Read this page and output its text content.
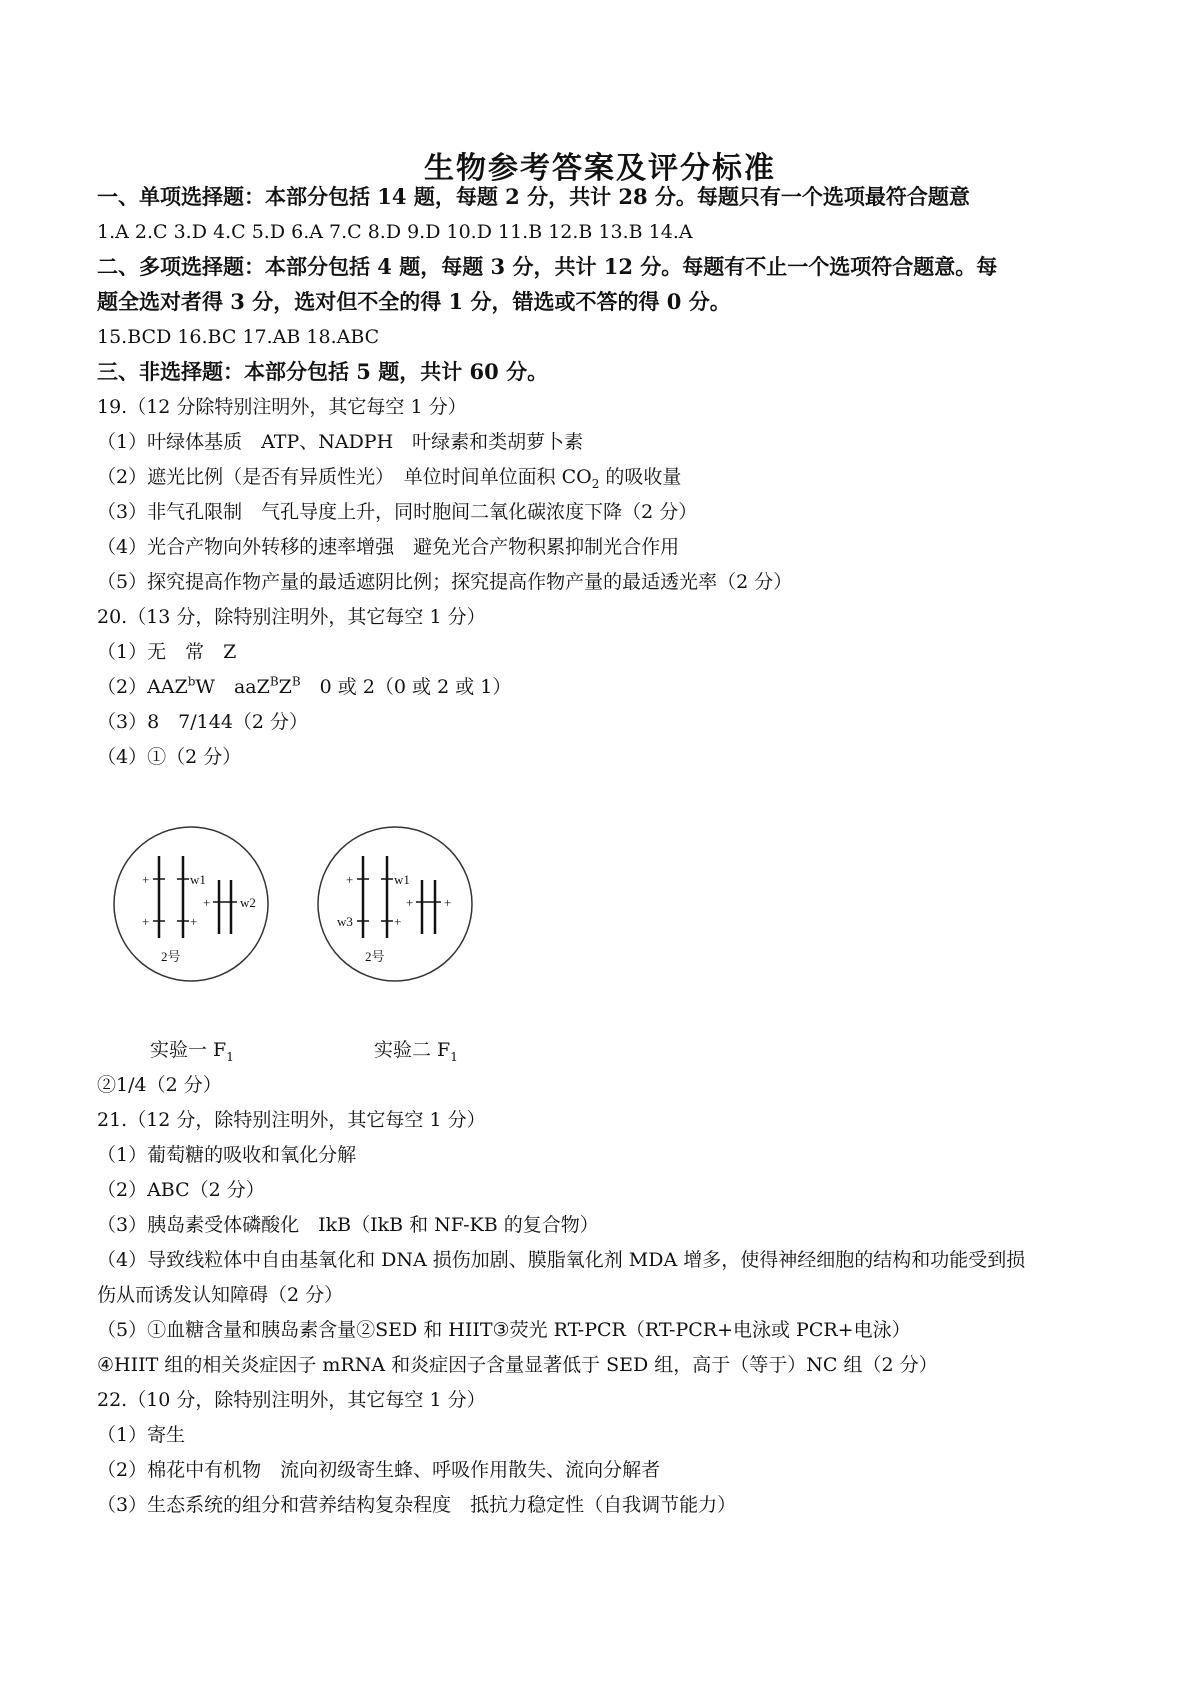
生物参考答案及评分标准
一、单项选择题：本部分包括 14 题，每题 2 分，共计 28 分。每题只有一个选项最符合题意
1.A 2.C 3.D 4.C 5.D 6.A 7.C 8.D 9.D 10.D 11.B 12.B 13.B 14.A
二、多项选择题：本部分包括 4 题，每题 3 分，共计 12 分。每题有不止一个选项符合题意。每
题全选对者得 3 分，选对但不全的得 1 分，错选或不答的得 0 分。
15.BCD 16.BC 17.AB 18.ABC
三、非选择题：本部分包括 5 题，共计 60 分。
19.（12 分除特别注明外，其它每空 1 分）
（1）叶绿体基质　ATP、NADPH　叶绿素和类胡萝卜素
（2）遮光比例（是否有异质性光）　单位时间单位面积 $CO_2$ 的吸收量
（3）非气孔限制　气孔导度上升，同时胞间二氧化碳浓度下降（2 分）
（4）光合产物向外转移的速率增强　避免光合产物积累抑制光合作用
（5）探究提高作物产量的最适遮阴比例；探究提高作物产量的最适透光率（2 分）
20.（13 分，除特别注明外，其它每空 1 分）
（1）无　常　Z
（2）AAZ$^b$W　$aaZ^BZ^B$　0 或 2（0 或 2 或 1）
（3）8　7/144（2 分）
（4）①（2 分）
+
+	+
+
w1
w2
2号
+
+
+ +
w1
w3
2号
实验一 $F_1$	实验二 $F_1$
②1/4（2 分）
21.（12 分，除特别注明外，其它每空 1 分）
（1）葡萄糖的吸收和氧化分解
（2）ABC（2 分）
（3）胰岛素受体磷酸化　IkB（IkB 和 NF-KB 的复合物）
（4）导致线粒体中自由基氧化和 DNA 损伤加剧、膜脂氧化剂 MDA 增多，使得神经细胞的结构和功能受到损
伤从而诱发认知障碍（2 分）
（5）①血糖含量和胰岛素含量②SED 和 HIIT③荧光 RT-PCR（RT-PCR+电泳或 PCR+电泳）
④HIIT 组的相关炎症因子 mRNA 和炎症因子含量显著低于 SED 组，高于（等于）NC 组（2 分）
22.（10 分，除特别注明外，其它每空 1 分）
（1）寄生
（2）棉花中有机物　流向初级寄生蜂、呼吸作用散失、流向分解者
（3）生态系统的组分和营养结构复杂程度　抵抗力稳定性（自我调节能力）
